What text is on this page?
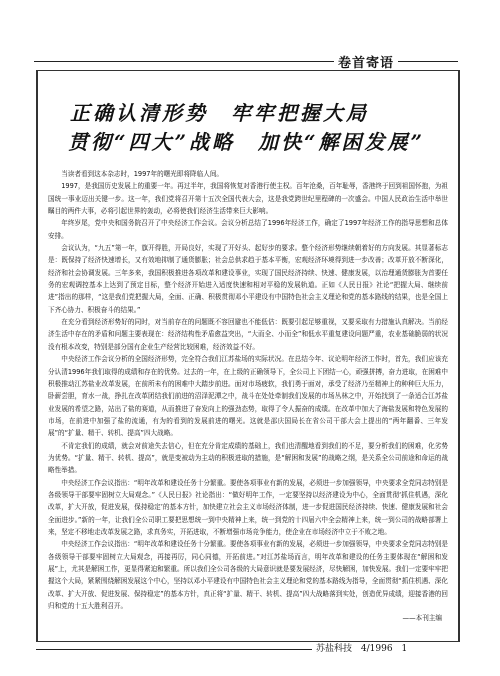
卷首寄语
正确认清形势　牢牢把握大局
贯彻“四大”战略　加快“解困发展”

当读者看到这本杂志时，1997年的曙光即将降临人间。

1997，是我国历史发展上的重要一年。再过半年，我国将恢复对香港行使主权。百年沧桑，百年耻辱，香港终于回到祖国怀抱，为祖国统一事业迈出关键一步。这一年，我们党将召开第十五次全国代表大会，这是我党跨世纪里程碑的一次盛会。中国人民政治生活中举世瞩目的两件大事，必将引起世界的轰动，必将使我们经济生活带来巨大影响。

年终岁尾，党中央和国务院召开了中央经济工作会议。会议分析总结了1996年经济工作，确定了1997年经济工作的指导思想和总体安排。

会议认为，“九五”第一年，旗开得胜，开局良好，实现了开好头、起好步的要求。整个经济形势继续朝着好的方向发展。其显著标志是：既保持了经济快速增长，又有效地抑制了通货膨胀；社会总供求趋于基本平衡，宏观经济环境得到进一步改善；改革开放不断深化，经济和社会协调发展。三年多来，我国积极推进各项改革和建设事业，实现了国民经济持续、快速、健康发展，以治理通货膨胀为首要任务的宏观调控基本上达到了预定目标，整个经济开始进入适度快速和相对平稳的发展轨道。正如《人民日报》社论“把握大局、继续前进”指出的那样，“这是我们党把握大局，全面、正确、积极贯彻邓小平建设有中国特色社会主义理论和党的基本路线的结果，也是全国上下齐心协力、积极奋斗的结果。”

在充分看到经济形势好的同时，对当前存在的问题既不容回避也不能低估：既要引起足够重视，又要采取有力措施认真解决。当前经济生活中存在的矛盾和问题主要表现在：经济结构性矛盾愈益突出，“大而全、小而全”和低水平重复建设问题严重，农业基础脆弱的状况没有根本改变，特别是部分国有企业生产经营比较困难，经济效益不好。

中央经济工作会议分析的全国经济形势，完全符合我们江苏盐场的实际状况。在总结今年、议论明年经济工作时，首先，我们应该充分认清1996年我们取得的成绩和存在的优势。过去的一年，在上级的正确领导下，全公司上下团结一心，顽强拼搏，奋力进取，在困难中积极推动江苏盐业改革发展，在前所未有的困难中大踏步前进。面对市场疲软，我们勇于面对，承受了经济乃至精神上的种种巨大压力，卧薪尝胆，育水一战，挣扎在改革团结我们前进的沼泽泥潭之中，战斗在处处牵制我们发展的市场丛林之中，开始找到了一条适合江苏盐业发展的希望之路，站出了盐的赛道，从而推进了奋发向上的强劲态势，取得了令人振奋的成绩。在改革中加大了海盐发展和特色发展的市场，在前进中加强了盐的流通，有为的看到的发展前进的曙光。这就是邵庆国局长在省公司干部大会上提出的“两年翻番、三年发展”的“扩量、精干、转机、提高”四大战略。

不肯定我们的成绩，就会对前途失去信心，但在充分肯定成绩的基础上，我们也清醒地看到我们的不足，要分析我们的困难，化劣势为优势。“扩量、精干、转机、提高”，就是变被动为主动的积极进取的措施，是“解困和发展”的战略之纲，是关系全公司前途和命运的战略性举措。

中央经济工作会议指出：“明年改革和建设任务十分繁重。要使各项事业有新的发展，必须进一步加强领导，中央要求全党同志特别是各级领导干部要牢固树立大局观念。”《人民日报》社论指出：“做好明年工作，一定要坚持以经济建设为中心，全面贯彻‘抓住机遇，深化改革，扩大开放，促进发展，保持稳定’的基本方针，加快建立社会主义市场经济体制，进一步促进国民经济持续、快速、健康发展和社会全面进步。”新的一年，让我们全公司职工要把思想统一到中央精神上来，统一到党的十四届六中全会精神上来，统一到公司的战略部署上来，坚定不移地走改革发展之路，求真务实，开拓进取，不断增强市场竞争能力，使企业在市场经济中立于不败之地。

中央经济工作会议指出：“明年改革和建设任务十分繁重。要使各项事业有新的发展，必须进一步加强领导，中央要求全党同志特别是各级领导干部要牢固树立大局观念，再接再厉，同心同德，开拓前进。”对江苏盐场而言，明年改革和建设的任务主要体现在“解困和发展”上，尤其是解困工作，更显得紧迫和繁重。所以我们全公司各级的大局意识就是要发展经济，尽快解困，加快发展。我们一定要牢牢把握这个大局，紧紧围绕解困发展这个中心，坚持以邓小平建设有中国特色社会主义理论和党的基本路线为指导，全面贯彻“抓住机遇、深化改革、扩大开放、促进发展、保持稳定”的基本方针，真正将“扩量、精干、转机、提高”四大战略落到实处，创造优异成绩，迎接香港的回归和党的十五大胜利召开。

——本刊主编

苏盐科技 4/1996 1
